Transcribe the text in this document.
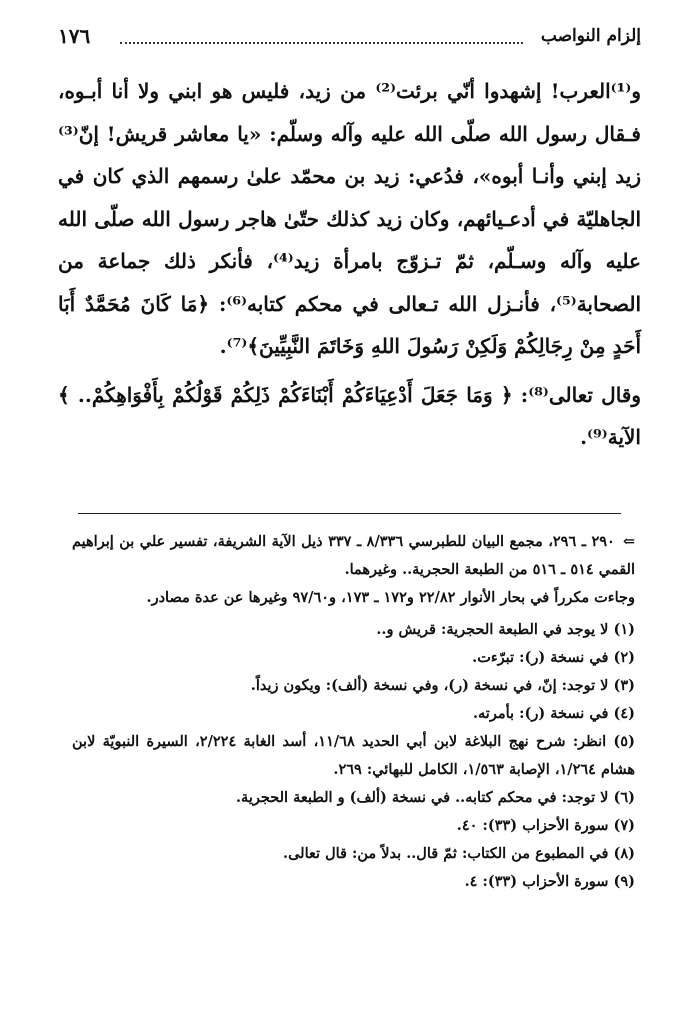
١٧٦	إلزام النواصب

و⁽¹⁾العرب! إشهدوا أنّي برئت⁽²⁾ من زيد، فليس هو ابني ولا أنا أبـوه، فـقال رسول الله صلّى الله عليه وآله وسلّم: «يا معاشر قريش! إنّ⁽³⁾ زيد إبني وأنـا أبوه»، فدُعي: زيد بن محمّد علىٰ رسمهم الذي كان في الجاهليّة في أدعـيائهم، وكان زيد كذلك حتّىٰ هاجر رسول الله صلّى الله عليه وآله وسـلّم، ثمّ تـزوّج بامرأة زيد⁽⁴⁾، فأنكر ذلك جماعة من الصحابة⁽⁵⁾، فأنـزل الله تـعالى في محكم كتابه⁽⁶⁾: ﴿مَا كَانَ مُحَمَّدٌ أَبَا أَحَدٍ مِنْ رِجَالِكُمْ وَلَكِنْ رَسُولَ اللهِ وَخَاتَمَ النَّبِيِّينَ﴾⁽⁷⁾.

وقال تعالى⁽⁸⁾: ﴿ وَمَا جَعَلَ أَدْعِيَاءَكُمْ أَبْنَاءَكُمْ ذَلِكُمْ قَوْلُكُمْ بِأَفْوَاهِكُمْ.. ﴾ الآية⁽⁹⁾.

⇐٢٩٠ ـ ٢٩٦، مجمع البيان للطبرسي ٨/٣٣٦ ـ ٣٣٧ ذيل الآية الشريفة، تفسير علي بن إبراهيم القمي ٥١٤ ـ ٥١٦ من الطبعة الحجرية.. وغيرهما.

وجاءت مكرراً في بحار الأنوار ٢٢/٨٢ و١٧٢ ـ ١٧٣، و٩٧/٦٠ وغيرها عن عدة مصادر.

(١) لا يوجد في الطبعة الحجرية: قريش و..

(٢) في نسخة (ر): تبرّءت.

(٣) لا توجد: إنّ، في نسخة (ر)، وفي نسخة (ألف): ويكون زيداً.

(٤) في نسخة (ر): بأمرته.

(٥) انظر: شرح نهج البلاغة لابن أبي الحديد ١١/٦٨، أسد الغابة ٢/٢٢٤، السيرة النبويّة لابن هشام ١/٢٦٤، الإصابة ١/٥٦٣، الكامل للبهائي: ٢٦٩.

(٦) لا توجد: في محكم كتابه.. في نسخة (ألف) و الطبعة الحجرية.

(٧) سورة الأحزاب (٣٣): ٤٠.

(٨) في المطبوع من الكتاب: ثمّ قال.. بدلاً من: قال تعالى.

(٩) سورة الأحزاب (٣٣): ٤.
